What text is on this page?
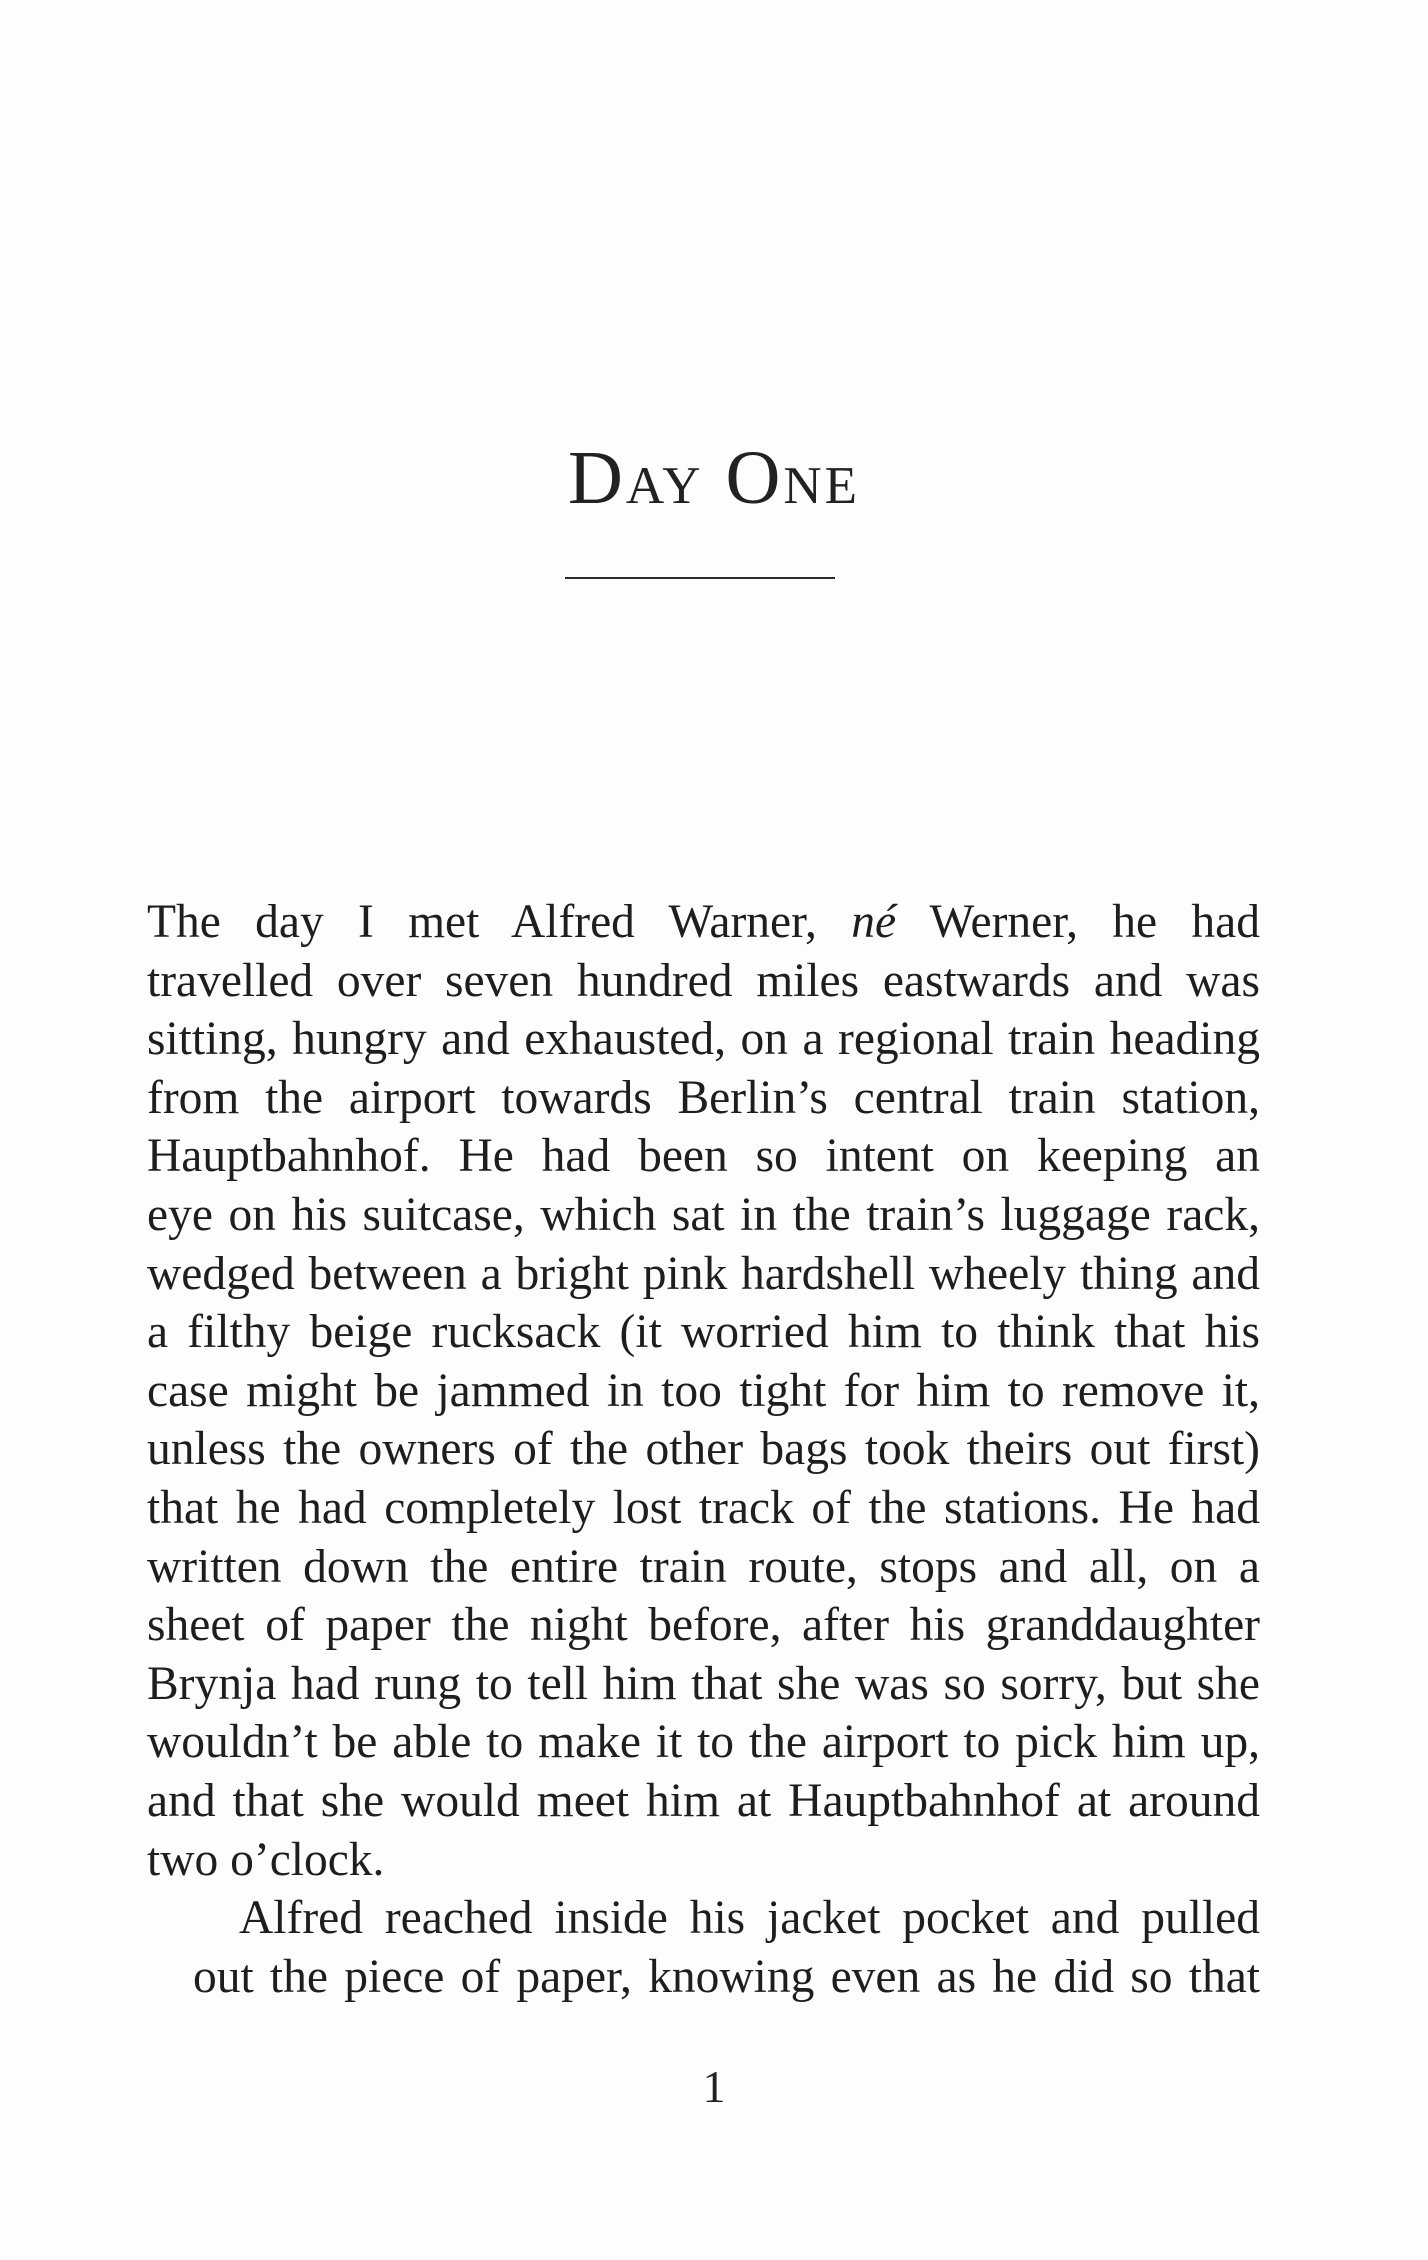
Day One

The day I met Alfred Warner, né Werner, he had
travelled over seven hundred miles eastwards and was
sitting, hungry and exhausted, on a regional train heading
from the airport towards Berlin’s central train station,
Hauptbahnhof. He had been so intent on keeping an
eye on his suitcase, which sat in the train’s luggage rack,
wedged between a bright pink hardshell wheely thing and
a filthy beige rucksack (it worried him to think that his
case might be jammed in too tight for him to remove it,
unless the owners of the other bags took theirs out first)
that he had completely lost track of the stations. He had
written down the entire train route, stops and all, on a
sheet of paper the night before, after his granddaughter
Brynja had rung to tell him that she was so sorry, but she
wouldn’t be able to make it to the airport to pick him up,
and that she would meet him at Hauptbahnhof at around
two o’clock.

Alfred reached inside his jacket pocket and pulled
out the piece of paper, knowing even as he did so that

1
